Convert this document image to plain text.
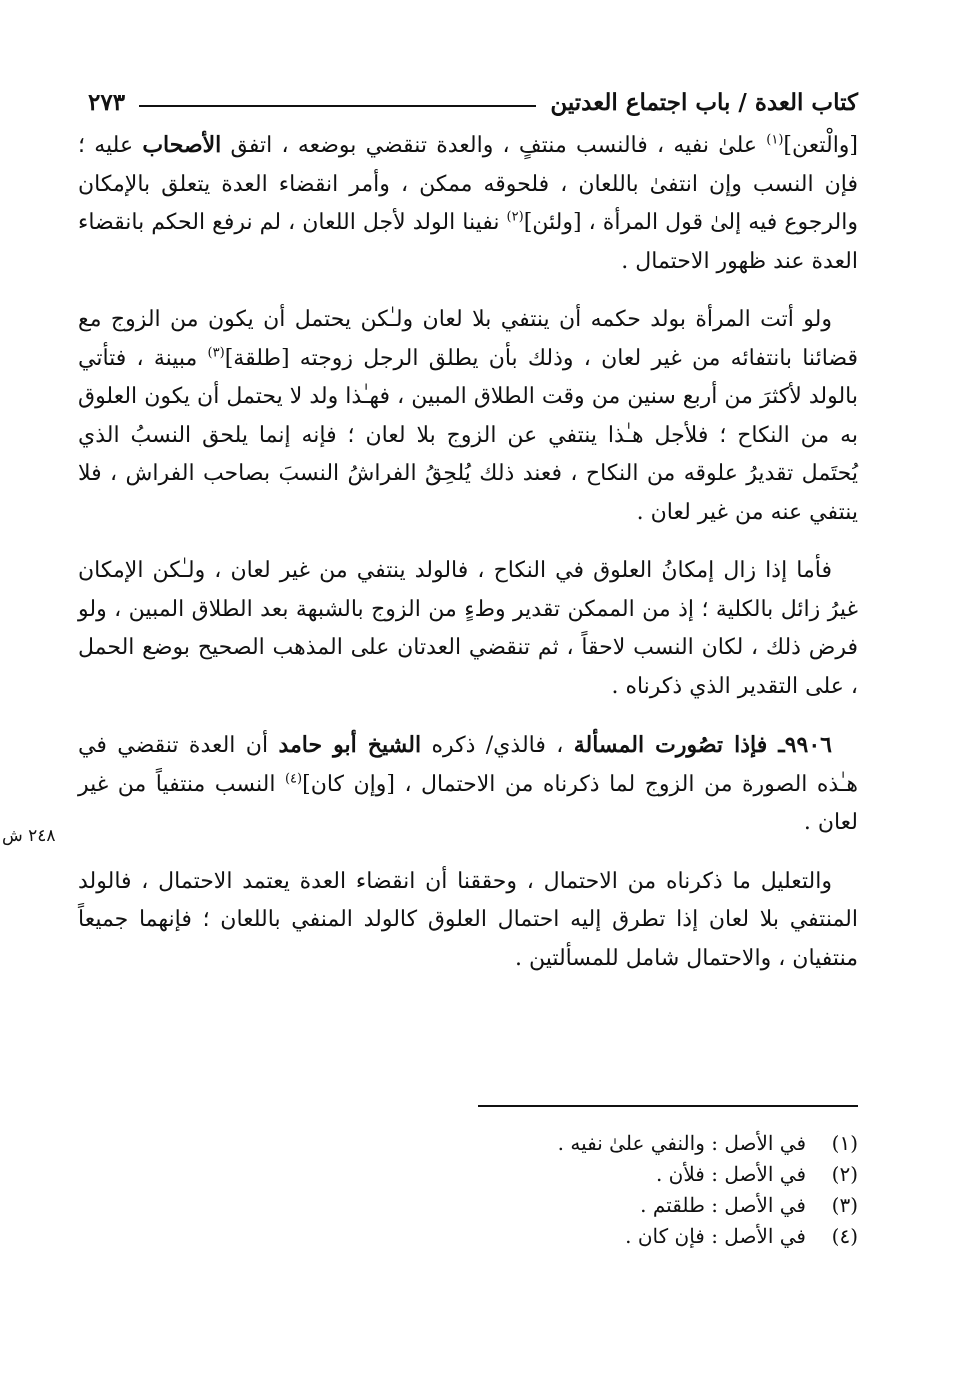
كتاب العدة / باب اجتماع العدتين
٢٧٣

[والْتعن]$^{(١)}$ علىٰ نفيه ، فالنسب منتفٍ ، والعدة تنقضي بوضعه ، اتفق الأصحاب عليه ؛ فإن النسب وإن انتفىٰ باللعان ، فلحوقه ممكن ، وأمر انقضاء العدة يتعلق بالإمكان والرجوع فيه إلىٰ قول المرأة ، [ولئن]$^{(٢)}$ نفينا الولد لأجل اللعان ، لم نرفع الحكم بانقضاء العدة عند ظهور الاحتمال .

ولو أتت المرأة بولد حكمه أن ينتفي بلا لعان ولـٰكن يحتمل أن يكون من الزوج مع قضائنا بانتفائه من غير لعان ، وذلك بأن يطلق الرجل زوجته [طلقة]$^{(٣)}$ مبينة ، فتأتي بالولد لأكثرَ من أربع سنين من وقت الطلاق المبين ، فهـٰذا ولد لا يحتمل أن يكون العلوق به من النكاح ؛ فلأجل هـٰذا ينتفي عن الزوج بلا لعان ؛ فإنه إنما يلحق النسبُ الذي يُحتَمل تقديرُ علوقه من النكاح ، فعند ذلك يُلحِقُ الفراشُ النسبَ بصاحب الفراش ، فلا ينتفي عنه من غير لعان .

فأما إذا زال إمكانُ العلوق في النكاح ، فالولد ينتفي من غير لعان ، ولـٰكن الإمكان غيرُ زائل بالكلية ؛ إذ من الممكن تقدير وطءٍ من الزوج بالشبهة بعد الطلاق المبين ، ولو فرض ذلك ، لكان النسب لاحقاً ، ثم تنقضي العدتان على المذهب الصحيح بوضع الحمل ، على التقدير الذي ذكرناه .

٩٩٠٦ـ فإذا تصُورت المسألة ، فالذي/ ذكره الشيخ أبو حامد أن العدة تنقضي في هـٰذه الصورة من الزوج لما ذكرناه من الاحتمال ، [وإن كان]$^{(٤)}$ النسب منتفياً من غير لعان .

والتعليل ما ذكرناه من الاحتمال ، وحققنا أن انقضاء العدة يعتمد الاحتمال ، فالولد المنتفي بلا لعان إذا تطرق إليه احتمال العلوق كالولد المنفي باللعان ؛ فإنهما جميعاً منتفيان ، والاحتمال شامل للمسألتين .

٢٤٨ ش
(١)
في الأصل : والنفي علىٰ نفيه .
(٢)
في الأصل : فلأن .
(٣)
في الأصل : طلقتم .
(٤)
في الأصل : فإن كان .
